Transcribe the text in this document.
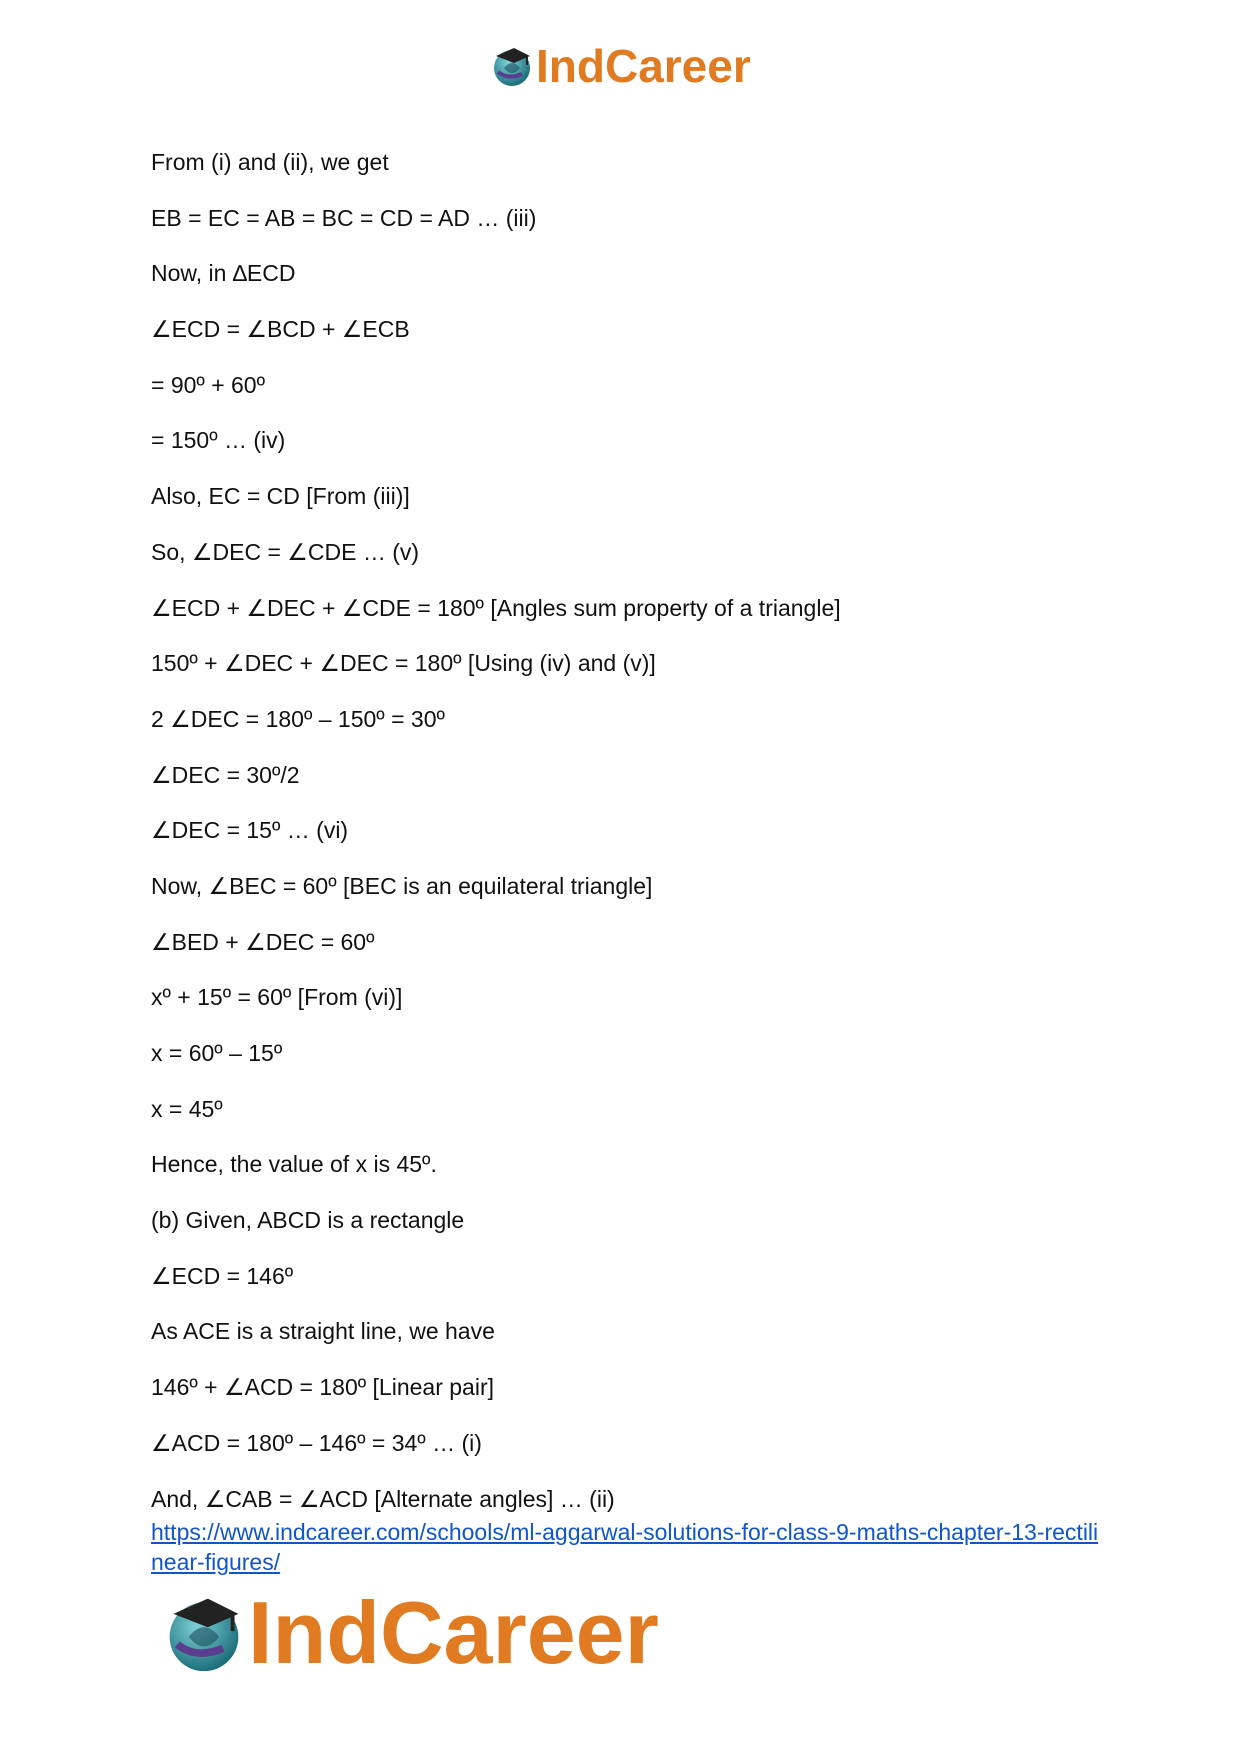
IndCareer
From (i) and (ii), we get
EB = EC = AB = BC = CD = AD … (iii)
Now, in ∆ECD
∠ECD = ∠BCD + ∠ECB
= 90º + 60º
= 150º … (iv)
Also, EC = CD [From (iii)]
So, ∠DEC = ∠CDE … (v)
∠ECD + ∠DEC + ∠CDE = 180º [Angles sum property of a triangle]
150º + ∠DEC + ∠DEC = 180º [Using (iv) and (v)]
2 ∠DEC = 180º – 150º = 30º
∠DEC = 30º/2
∠DEC = 15º … (vi)
Now, ∠BEC = 60º [BEC is an equilateral triangle]
∠BED + ∠DEC = 60º
xº + 15º = 60º [From (vi)]
x = 60º – 15º
x = 45º
Hence, the value of x is 45º.
(b) Given, ABCD is a rectangle
∠ECD = 146º
As ACE is a straight line, we have
146º + ∠ACD = 180º [Linear pair]
∠ACD = 180º – 146º = 34º … (i)
And, ∠CAB = ∠ACD [Alternate angles] … (ii)
https://www.indcareer.com/schools/ml-aggarwal-solutions-for-class-9-maths-chapter-13-rectilinear-figures/
IndCareer
